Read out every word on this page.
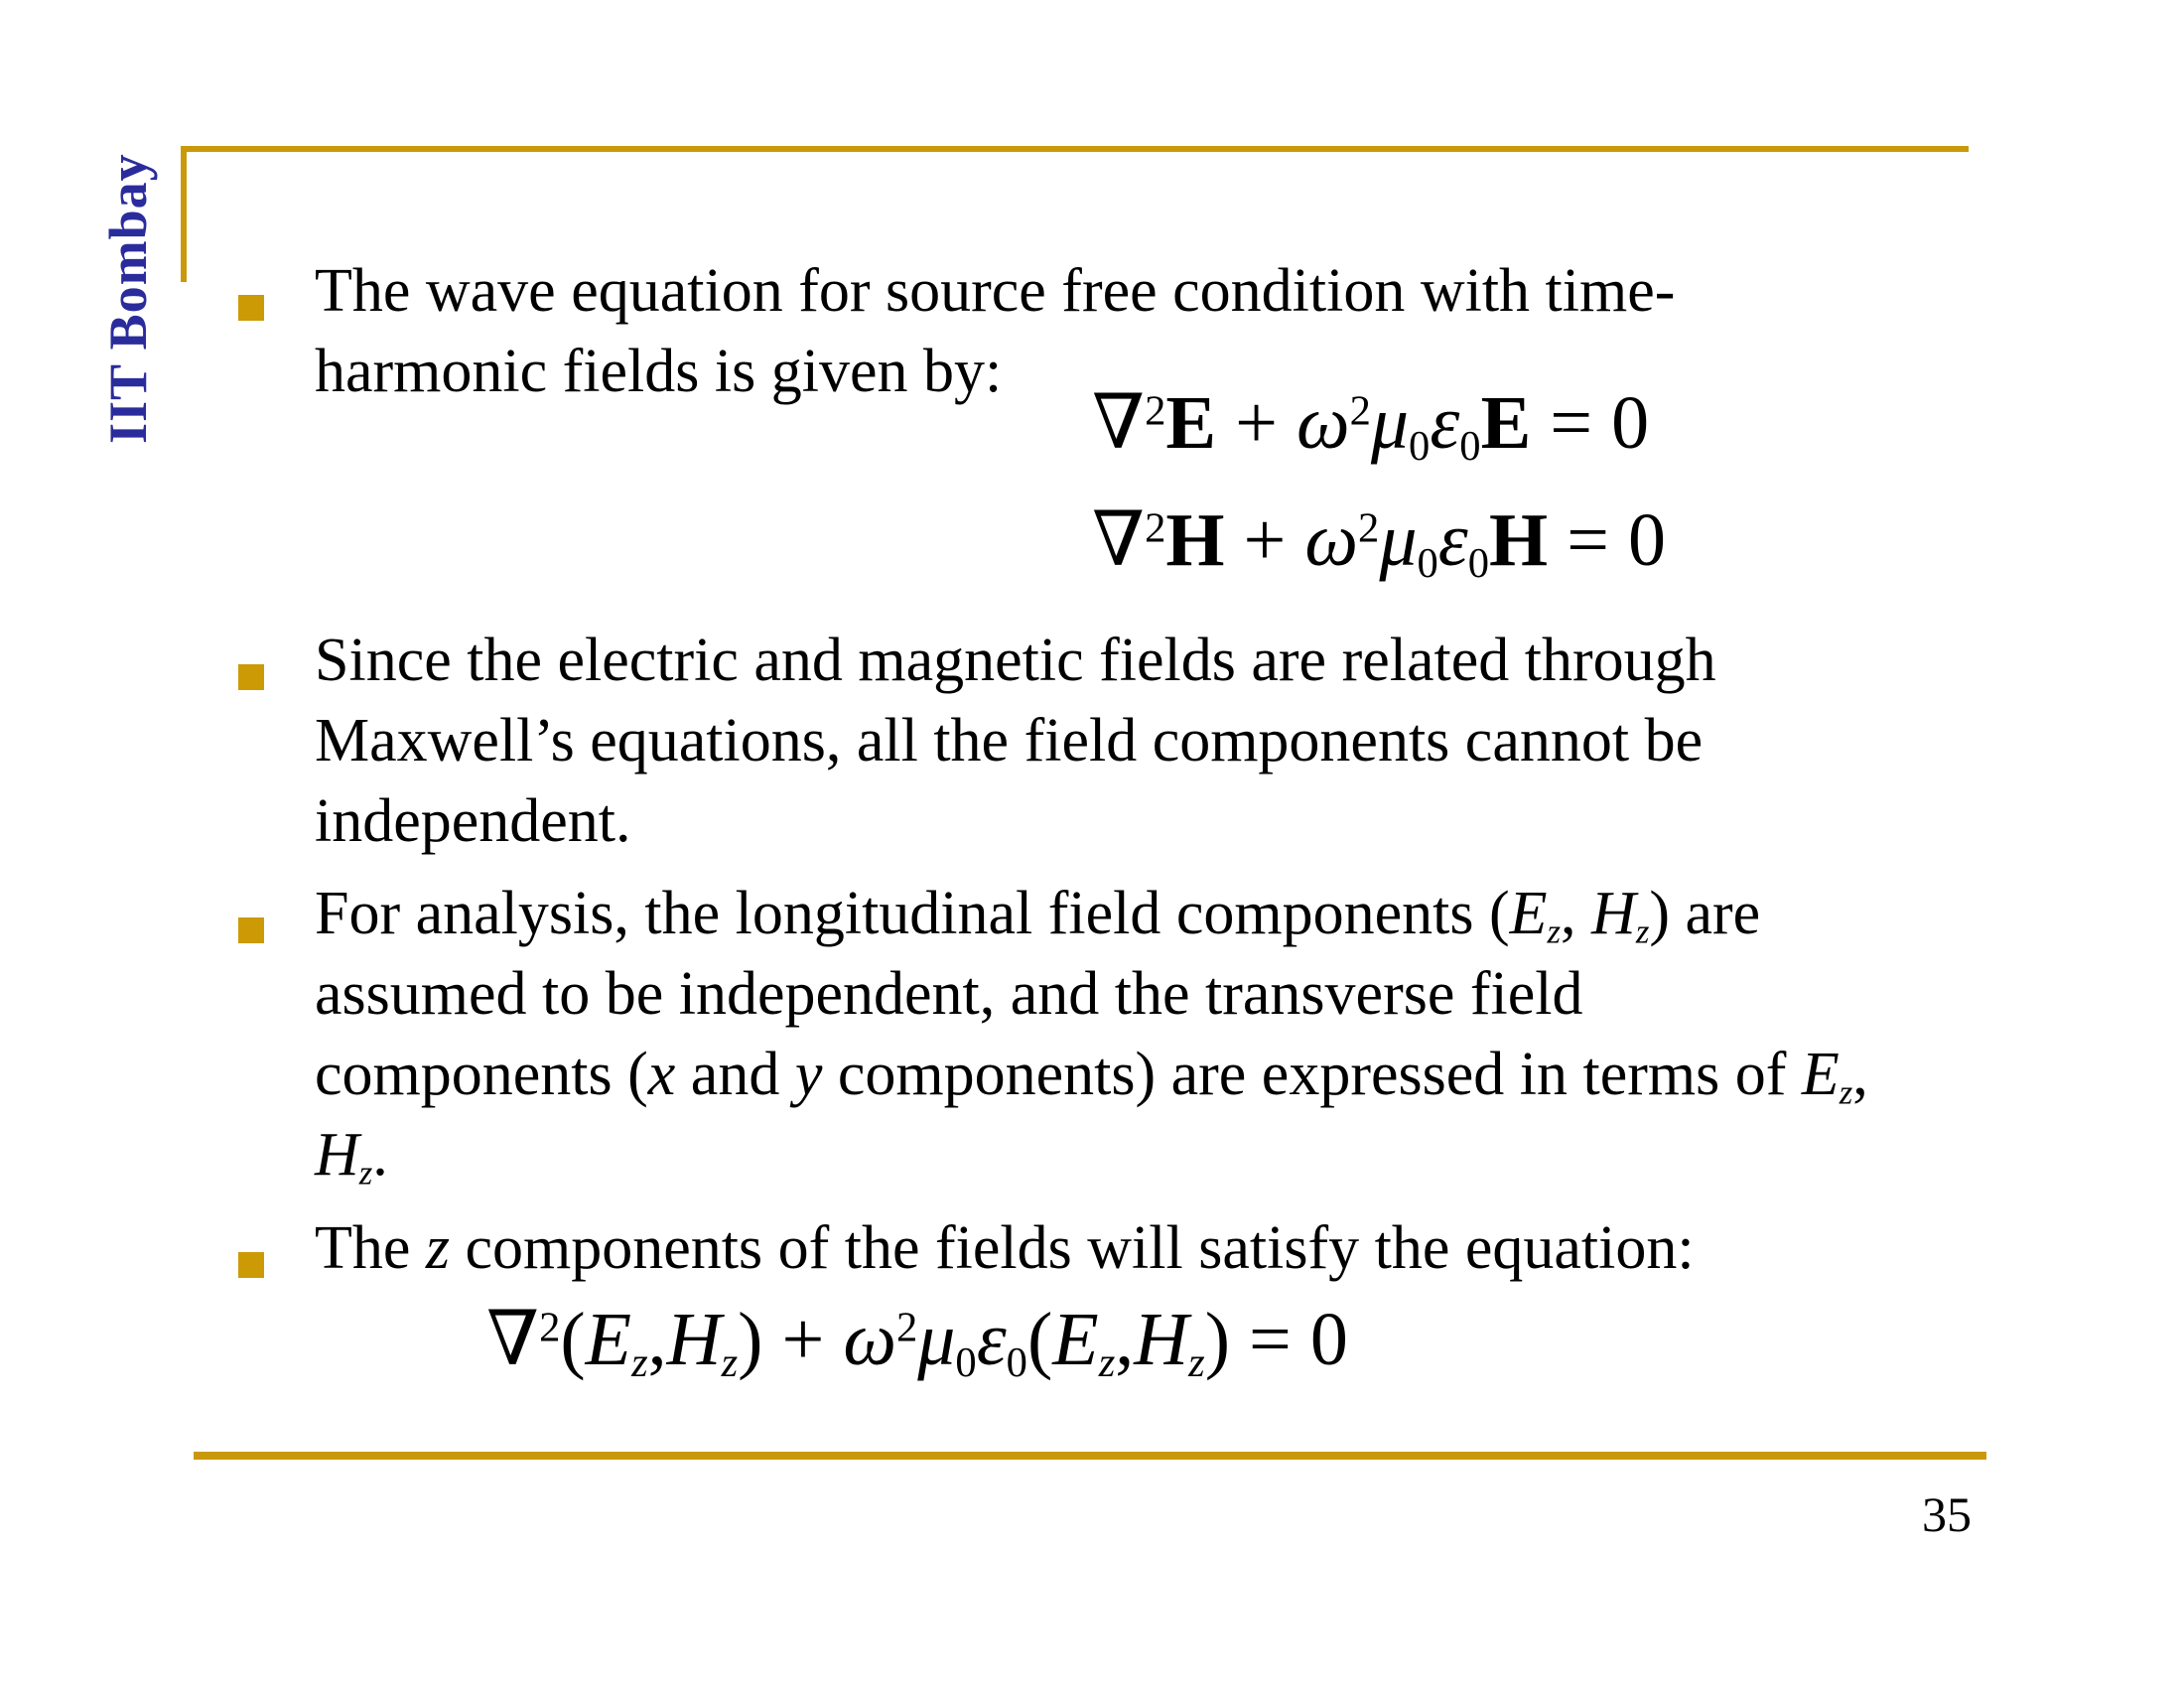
IIT Bombay	The wave equation for source free condition with time-
harmonic fields is given by:
$\nabla^2E + \omega^2\mu 0\varepsilon 0E = 0$
$\nabla^2H + \omega^2\mu 0\varepsilon 0H = 0$
Since the electric and magnetic fields are related through
Maxwell’s equations, all the field components cannot be
independent.
For analysis, the longitudinal field components (Ez, Hz) are
assumed to be independent, and the transverse field
components (x and y components) are expressed in terms of Ez,
Hz.
The z components of the fields will satisfy the equation:
$\nabla^2(Ez,Hz) + \omega^2\mu 0\varepsilon 0(Ez,Hz) = 0$
35
